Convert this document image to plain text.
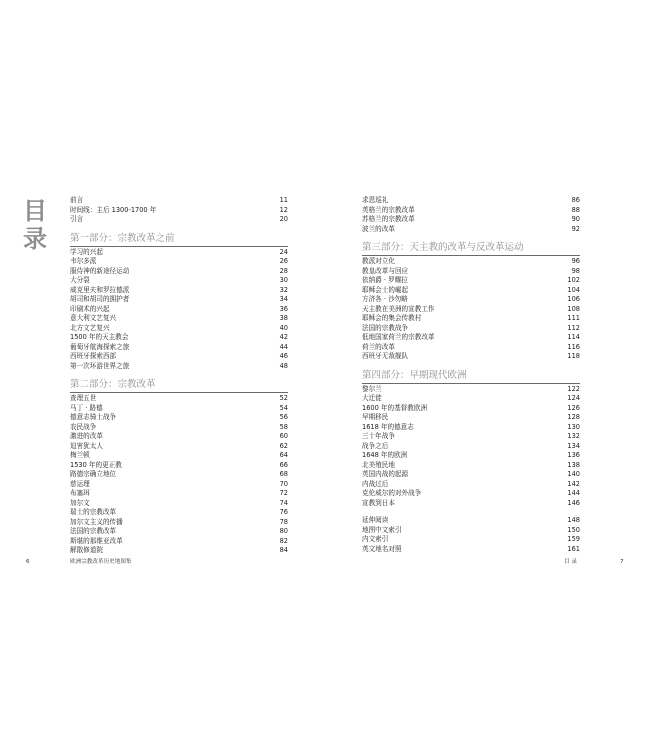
目
录
前言	11
时间线：主后 1300-1700 年	12
引言	20
第一部分：宗教改革之前
学习的兴起	24
韦尔多派	26
服侍神的新途径运动	28
大分裂	30
威克里夫和罗拉德派	32
胡司和胡司的拥护者	34
印刷术的兴起	36
意大利文艺复兴	38
北方文艺复兴	40
1500 年的天主教会	42
葡萄牙航海探索之旅	44
西班牙探索西部	46
第一次环游世界之旅	48
第二部分：宗教改革
查理五世	52
马丁 · 路德	54
德意志骑士战争	56
农民战争	58
激进的改革	60
迫害犹太人	62
梅兰顿	64
1530 年的更正教	66
路德宗确立地位	68
慈运理	70
布塞珥	72
加尔文	74
瑞士的宗教改革	76
加尔文主义的传播	78
法国的宗教改革	80
斯堪的那维亚改革	82
解散修道院	84
求恩巡礼	86
英格兰的宗教改革	88
苏格兰的宗教改革	90
波兰的改革	92
第三部分：天主教的改革与反改革运动
教派对立化	96
教皇改革与回应	98
依纳爵 · 罗耀拉	102
耶稣会士的崛起	104
方济各 · 沙勿略	106
天主教在美洲的宣教工作	108
耶稣会的集会传教村	111
法国的宗教战争	112
低地国家荷兰的宗教改革	114
荷兰的改革	116
西班牙无敌舰队	118
第四部分：早期现代欧洲
黎尔兰	122
大迁徙	124
1600 年的基督教欧洲	126
早期移民	128
1618 年的德意志	130
三十年战争	132
战争之后	134
1648 年的欧洲	136
北美殖民地	138
英国内战的起源	140
内战过后	142
克伦威尔的对外战争	144
宣教到日本	146
延伸阅读	148
地图中文索引	150
内文索引	159
英文地名对照	161
6	欧洲宗教改革历史地图集	目 录	7
